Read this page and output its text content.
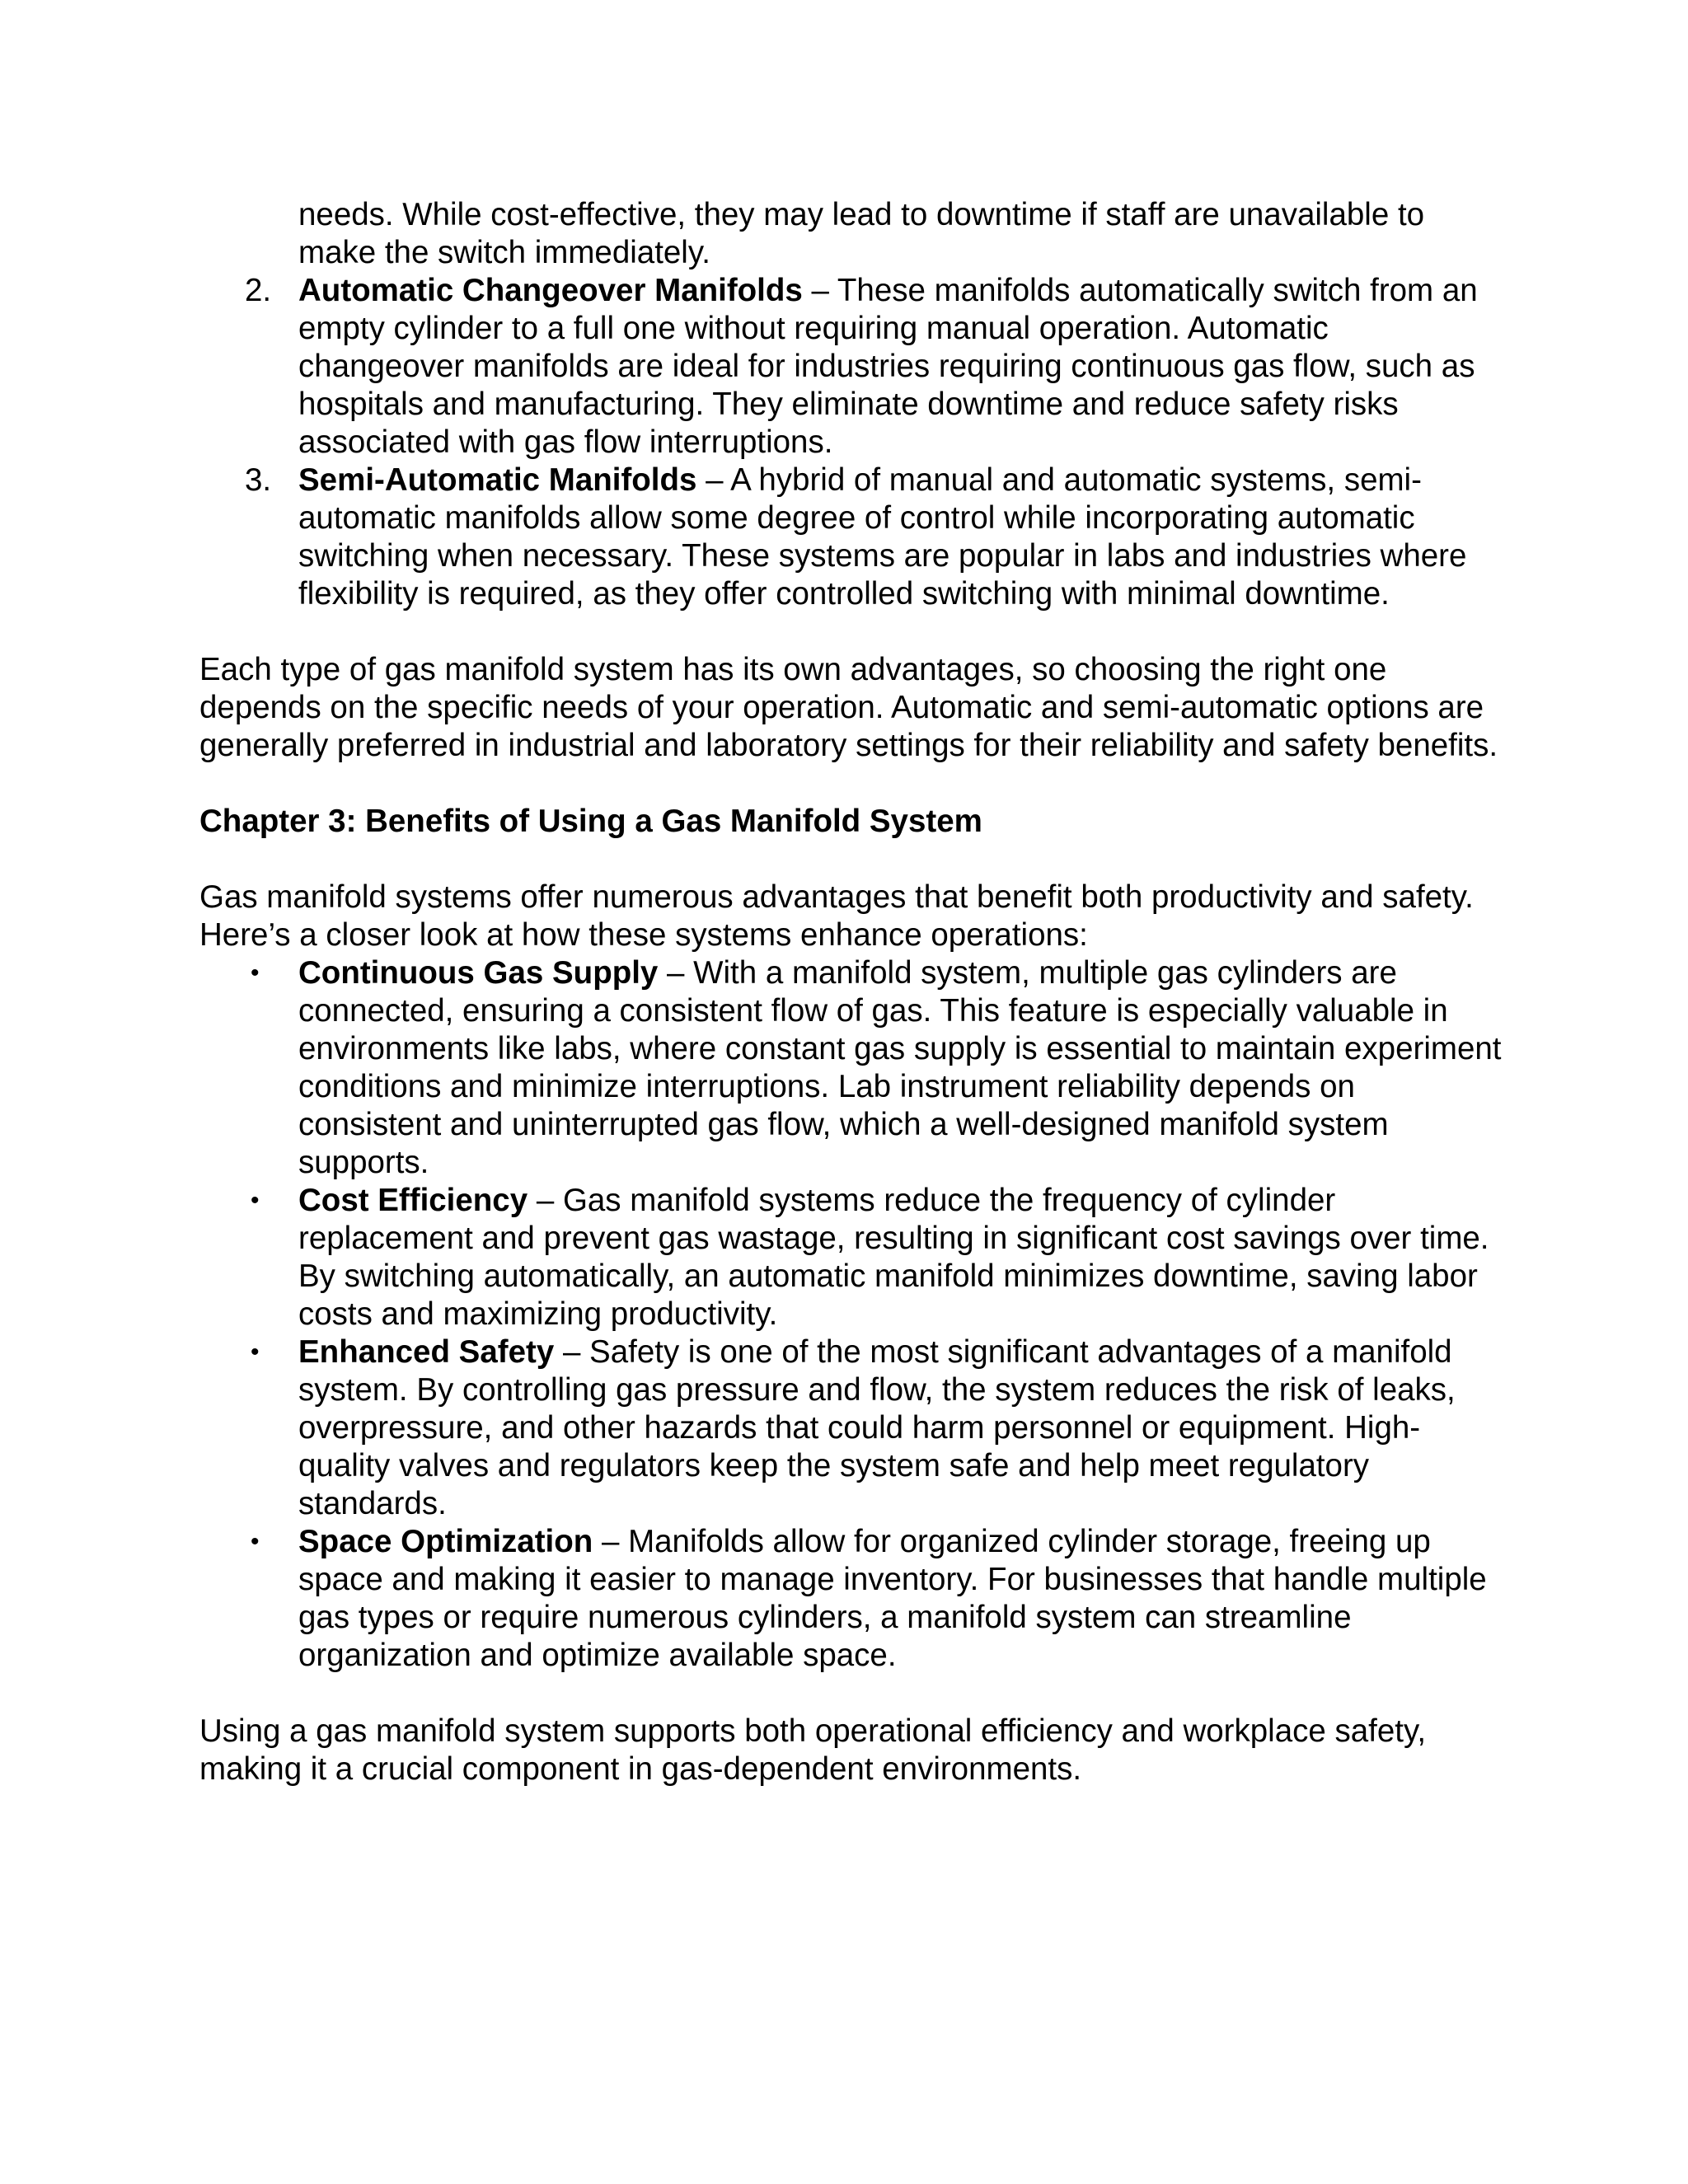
needs. While cost-effective, they may lead to downtime if staff are unavailable to make the switch immediately.

2. Automatic Changeover Manifolds – These manifolds automatically switch from an empty cylinder to a full one without requiring manual operation. Automatic changeover manifolds are ideal for industries requiring continuous gas flow, such as hospitals and manufacturing. They eliminate downtime and reduce safety risks associated with gas flow interruptions.
3. Semi-Automatic Manifolds – A hybrid of manual and automatic systems, semi-automatic manifolds allow some degree of control while incorporating automatic switching when necessary. These systems are popular in labs and industries where flexibility is required, as they offer controlled switching with minimal downtime.

Each type of gas manifold system has its own advantages, so choosing the right one depends on the specific needs of your operation. Automatic and semi-automatic options are generally preferred in industrial and laboratory settings for their reliability and safety benefits.

Chapter 3: Benefits of Using a Gas Manifold System

Gas manifold systems offer numerous advantages that benefit both productivity and safety. Here’s a closer look at how these systems enhance operations:

• Continuous Gas Supply – With a manifold system, multiple gas cylinders are connected, ensuring a consistent flow of gas. This feature is especially valuable in environments like labs, where constant gas supply is essential to maintain experiment conditions and minimize interruptions. Lab instrument reliability depends on consistent and uninterrupted gas flow, which a well-designed manifold system supports.
• Cost Efficiency – Gas manifold systems reduce the frequency of cylinder replacement and prevent gas wastage, resulting in significant cost savings over time. By switching automatically, an automatic manifold minimizes downtime, saving labor costs and maximizing productivity.
• Enhanced Safety – Safety is one of the most significant advantages of a manifold system. By controlling gas pressure and flow, the system reduces the risk of leaks, overpressure, and other hazards that could harm personnel or equipment. High-quality valves and regulators keep the system safe and help meet regulatory standards.
• Space Optimization – Manifolds allow for organized cylinder storage, freeing up space and making it easier to manage inventory. For businesses that handle multiple gas types or require numerous cylinders, a manifold system can streamline organization and optimize available space.

Using a gas manifold system supports both operational efficiency and workplace safety, making it a crucial component in gas-dependent environments.
